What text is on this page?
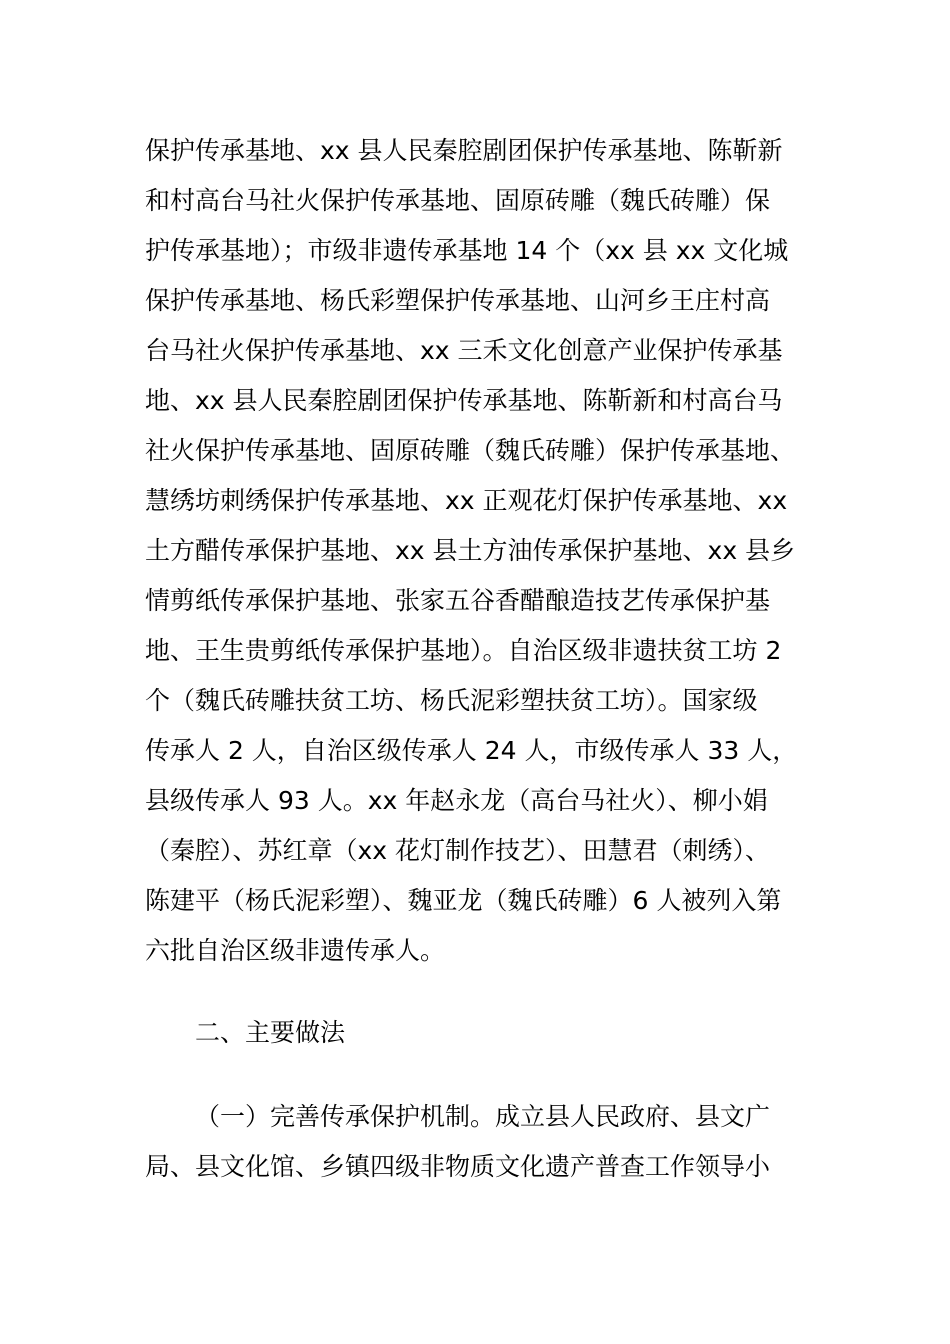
保护传承基地、xx 县人民秦腔剧团保护传承基地、陈靳新
和村高台马社火保护传承基地、固原砖雕（魏氏砖雕）保
护传承基地）；市级非遗传承基地 14 个（xx 县 xx 文化城
保护传承基地、杨氏彩塑保护传承基地、山河乡王庄村高
台马社火保护传承基地、xx 三禾文化创意产业保护传承基
地、xx 县人民秦腔剧团保护传承基地、陈靳新和村高台马
社火保护传承基地、固原砖雕（魏氏砖雕）保护传承基地、
慧绣坊刺绣保护传承基地、xx 正观花灯保护传承基地、xx
土方醋传承保护基地、xx 县土方油传承保护基地、xx 县乡
情剪纸传承保护基地、张家五谷香醋酿造技艺传承保护基
地、王生贵剪纸传承保护基地）。自治区级非遗扶贫工坊 2
个（魏氏砖雕扶贫工坊、杨氏泥彩塑扶贫工坊）。国家级
传承人 2 人，自治区级传承人 24 人，市级传承人 33 人，
县级传承人 93 人。xx 年赵永龙（高台马社火）、柳小娟
（秦腔）、苏红章（xx 花灯制作技艺）、田慧君（刺绣）、
陈建平（杨氏泥彩塑）、魏亚龙（魏氏砖雕）6 人被列入第
六批自治区级非遗传承人。
二、主要做法
（一）完善传承保护机制。成立县人民政府、县文广
局、县文化馆、乡镇四级非物质文化遗产普查工作领导小
